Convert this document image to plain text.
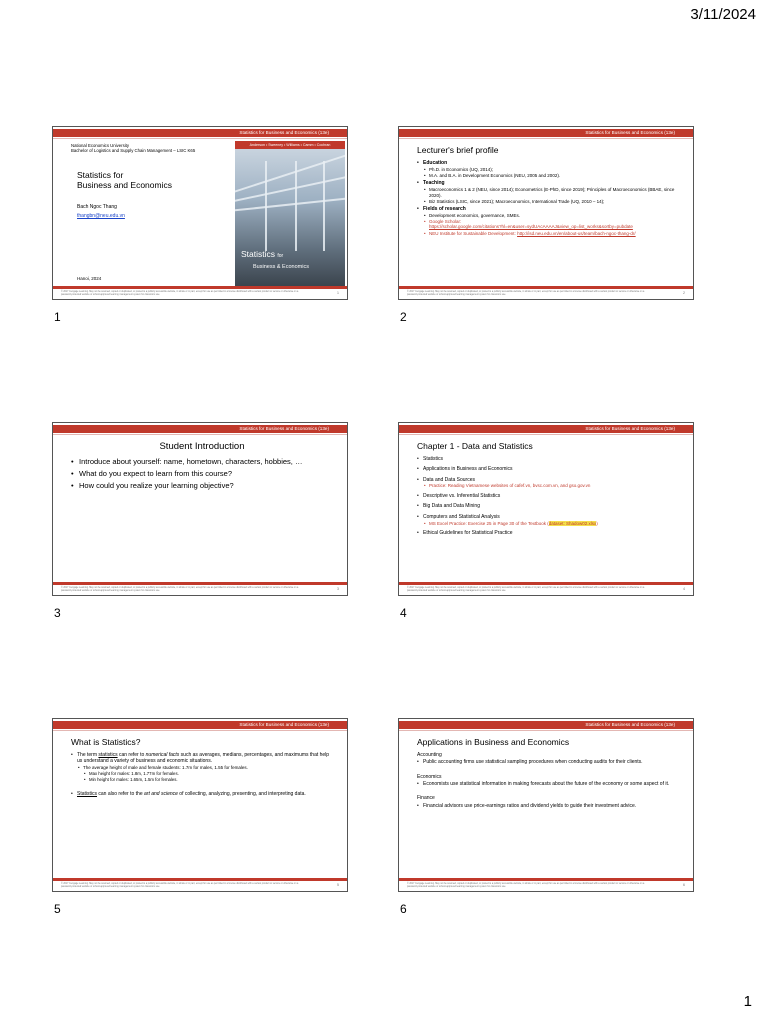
3/11/2024
Statistics for Business and Economics (13e)
National Economics University
Bachelor of Logistics and Supply Chain Management – LSIC K65
Statistics for
Business and Economics
Bach Ngoc Thang
thangbn@neu.edu.vn
Hanoi, 2024
Anderson • Sweeney • Williams • Camm • Cochran
Statistics for
Business & Economics
© 2017 Cengage Learning. May not be scanned, copied or duplicated, or posted to a publicly accessible website, in whole or in part, except for use as permitted in a license distributed with a certain product or service or otherwise on a password-protected website or school-approved learning management system for classroom use.	1
1
Statistics for Business and Economics (13e)
Lecturer's brief profile
• Education
• Ph.D. in Economics (UQ, 2014);
• M.A. and B.A. in Development Economics (NEU, 2005 and 2002).
• Teaching
• Macroeconomics 1 & 2 (NEU, since 2014); Econometrics (E-PhD, since 2019); Principles of Macroeconomics (BBAE, since 2020).
• Biz Statistics (LSIC, since 2021); Macroeconomics, International Trade (UQ, 2010 – 14);
• Fields of research
• Development economics, governance, SMEs.
• Google Scholar:
https://scholar.google.com/citations?hl=en&user=sydUAcAAAAJ&view_op=list_works&sortby=pubdate
• NEU Institute for Sustainable Development: http://isd.neu.edu.vn/en/about-us/team/bach-ngoc-thang-dr/
© 2017 Cengage Learning. May not be scanned, copied or duplicated, or posted to a publicly accessible website, in whole or in part, except for use as permitted in a license distributed with a certain product or service or otherwise on a password-protected website or school-approved learning management system for classroom use.	2
2
Statistics for Business and Economics (13e)
Student Introduction
• Introduce about yourself: name, hometown, characters, hobbies, …
• What do you expect to learn from this course?
• How could you realize your learning objective?
© 2017 Cengage Learning. May not be scanned, copied or duplicated, or posted to a publicly accessible website, in whole or in part, except for use as permitted in a license distributed with a certain product or service or otherwise on a password-protected website or school-approved learning management system for classroom use.	3
3
Statistics for Business and Economics (13e)
Chapter 1 - Data and Statistics
• Statistics
• Applications in Business and Economics
• Data and Data Sources
• Practice: Reading Vietnamese websites of cafef.vn, bvsc.com.vn, and gso.gov.vn
• Descriptive vs. Inferential Statistics
• Big Data and Data Mining
• Computers and Statistical Analysis
• MS Excel Practice: Exercise 25 in Page 30 of the Textbook (dataset: Shadow02.xlsx)
• Ethical Guidelines for Statistical Practice
© 2017 Cengage Learning. May not be scanned, copied or duplicated, or posted to a publicly accessible website, in whole or in part, except for use as permitted in a license distributed with a certain product or service or otherwise on a password-protected website or school-approved learning management system for classroom use.	4
4
Statistics for Business and Economics (13e)
What is Statistics?
• The term statistics can refer to numerical facts such as averages, medians, percentages, and maximums that help us understand a variety of business and economic situations.
• The average height of male and female students: 1.7m for males, 1.55 for females.
• Max height for males: 1.8m, 1.77m for females.
• Min height for males: 1.65m, 1.5m for females.
• Statistics can also refer to the art and science of collecting, analyzing, presenting, and interpreting data.
© 2017 Cengage Learning. May not be scanned, copied or duplicated, or posted to a publicly accessible website, in whole or in part, except for use as permitted in a license distributed with a certain product or service or otherwise on a password-protected website or school-approved learning management system for classroom use.	5
5
Statistics for Business and Economics (13e)
Applications in Business and Economics
Accounting
• Public accounting firms use statistical sampling procedures when conducting audits for their clients.
Economics
• Economists use statistical information in making forecasts about the future of the economy or some aspect of it.
Finance
• Financial advisors use price-earnings ratios and dividend yields to guide their investment advice.
© 2017 Cengage Learning. May not be scanned, copied or duplicated, or posted to a publicly accessible website, in whole or in part, except for use as permitted in a license distributed with a certain product or service or otherwise on a password-protected website or school-approved learning management system for classroom use.	6
6
1
